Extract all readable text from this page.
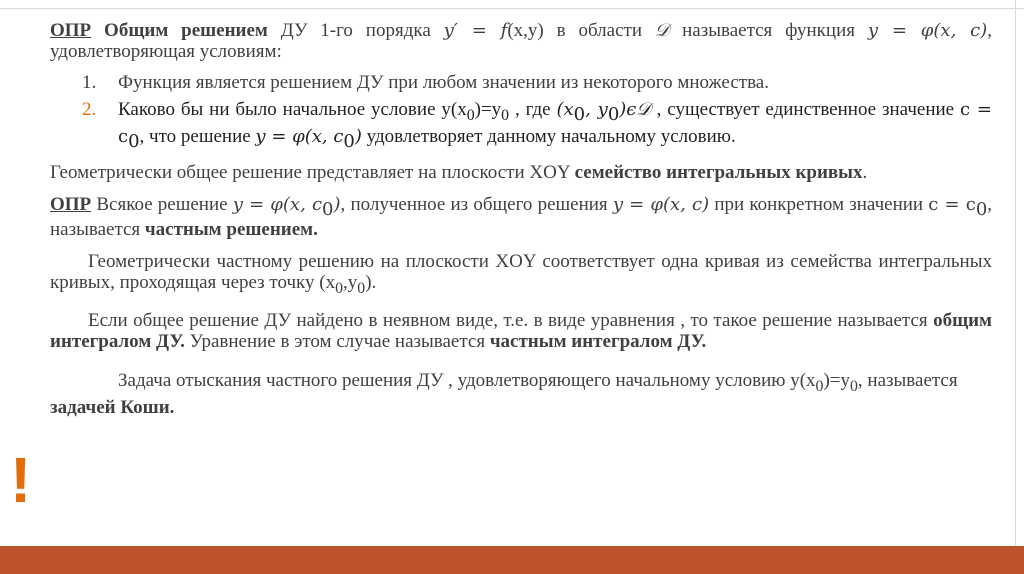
!

ОПР Общим решением ДУ 1-го порядка y′ = f(x,y) в области 𝒟 называется функция y = φ(x, c), удовлетворяющая условиям:

1. Функция является решением ДУ при любом значении из некоторого множества.
2. Каково бы ни было начальное условие $y(x_0)=y_0$ , где ($x_0$, $y_0)\epsilon 𝒟$ , существует единственное значение $c = c_0$, что решение y = φ(x, $c_0$) удовлетворяет данному начальному условию.

Геометрически общее решение представляет на плоскости XOY семейство интегральных кривых.

ОПР Всякое решение y = φ(x, $c_0$), полученное из общего решения y = φ(x, c) при конкретном значении $c = c_0$, называется частным решением.

Геометрически частному решению на плоскости XOY соответствует одна кривая из семейства интегральных кривых, проходящая через точку $(x_0,y_0)$.

Если общее решение ДУ найдено в неявном виде, т.е. в виде уравнения , то такое решение называется общим интегралом ДУ. Уравнение в этом случае называется частным интегралом ДУ.

Задача отыскания частного решения ДУ , удовлетворяющего начальному условию $y(x_0)=y_0$, называется задачей Коши.
